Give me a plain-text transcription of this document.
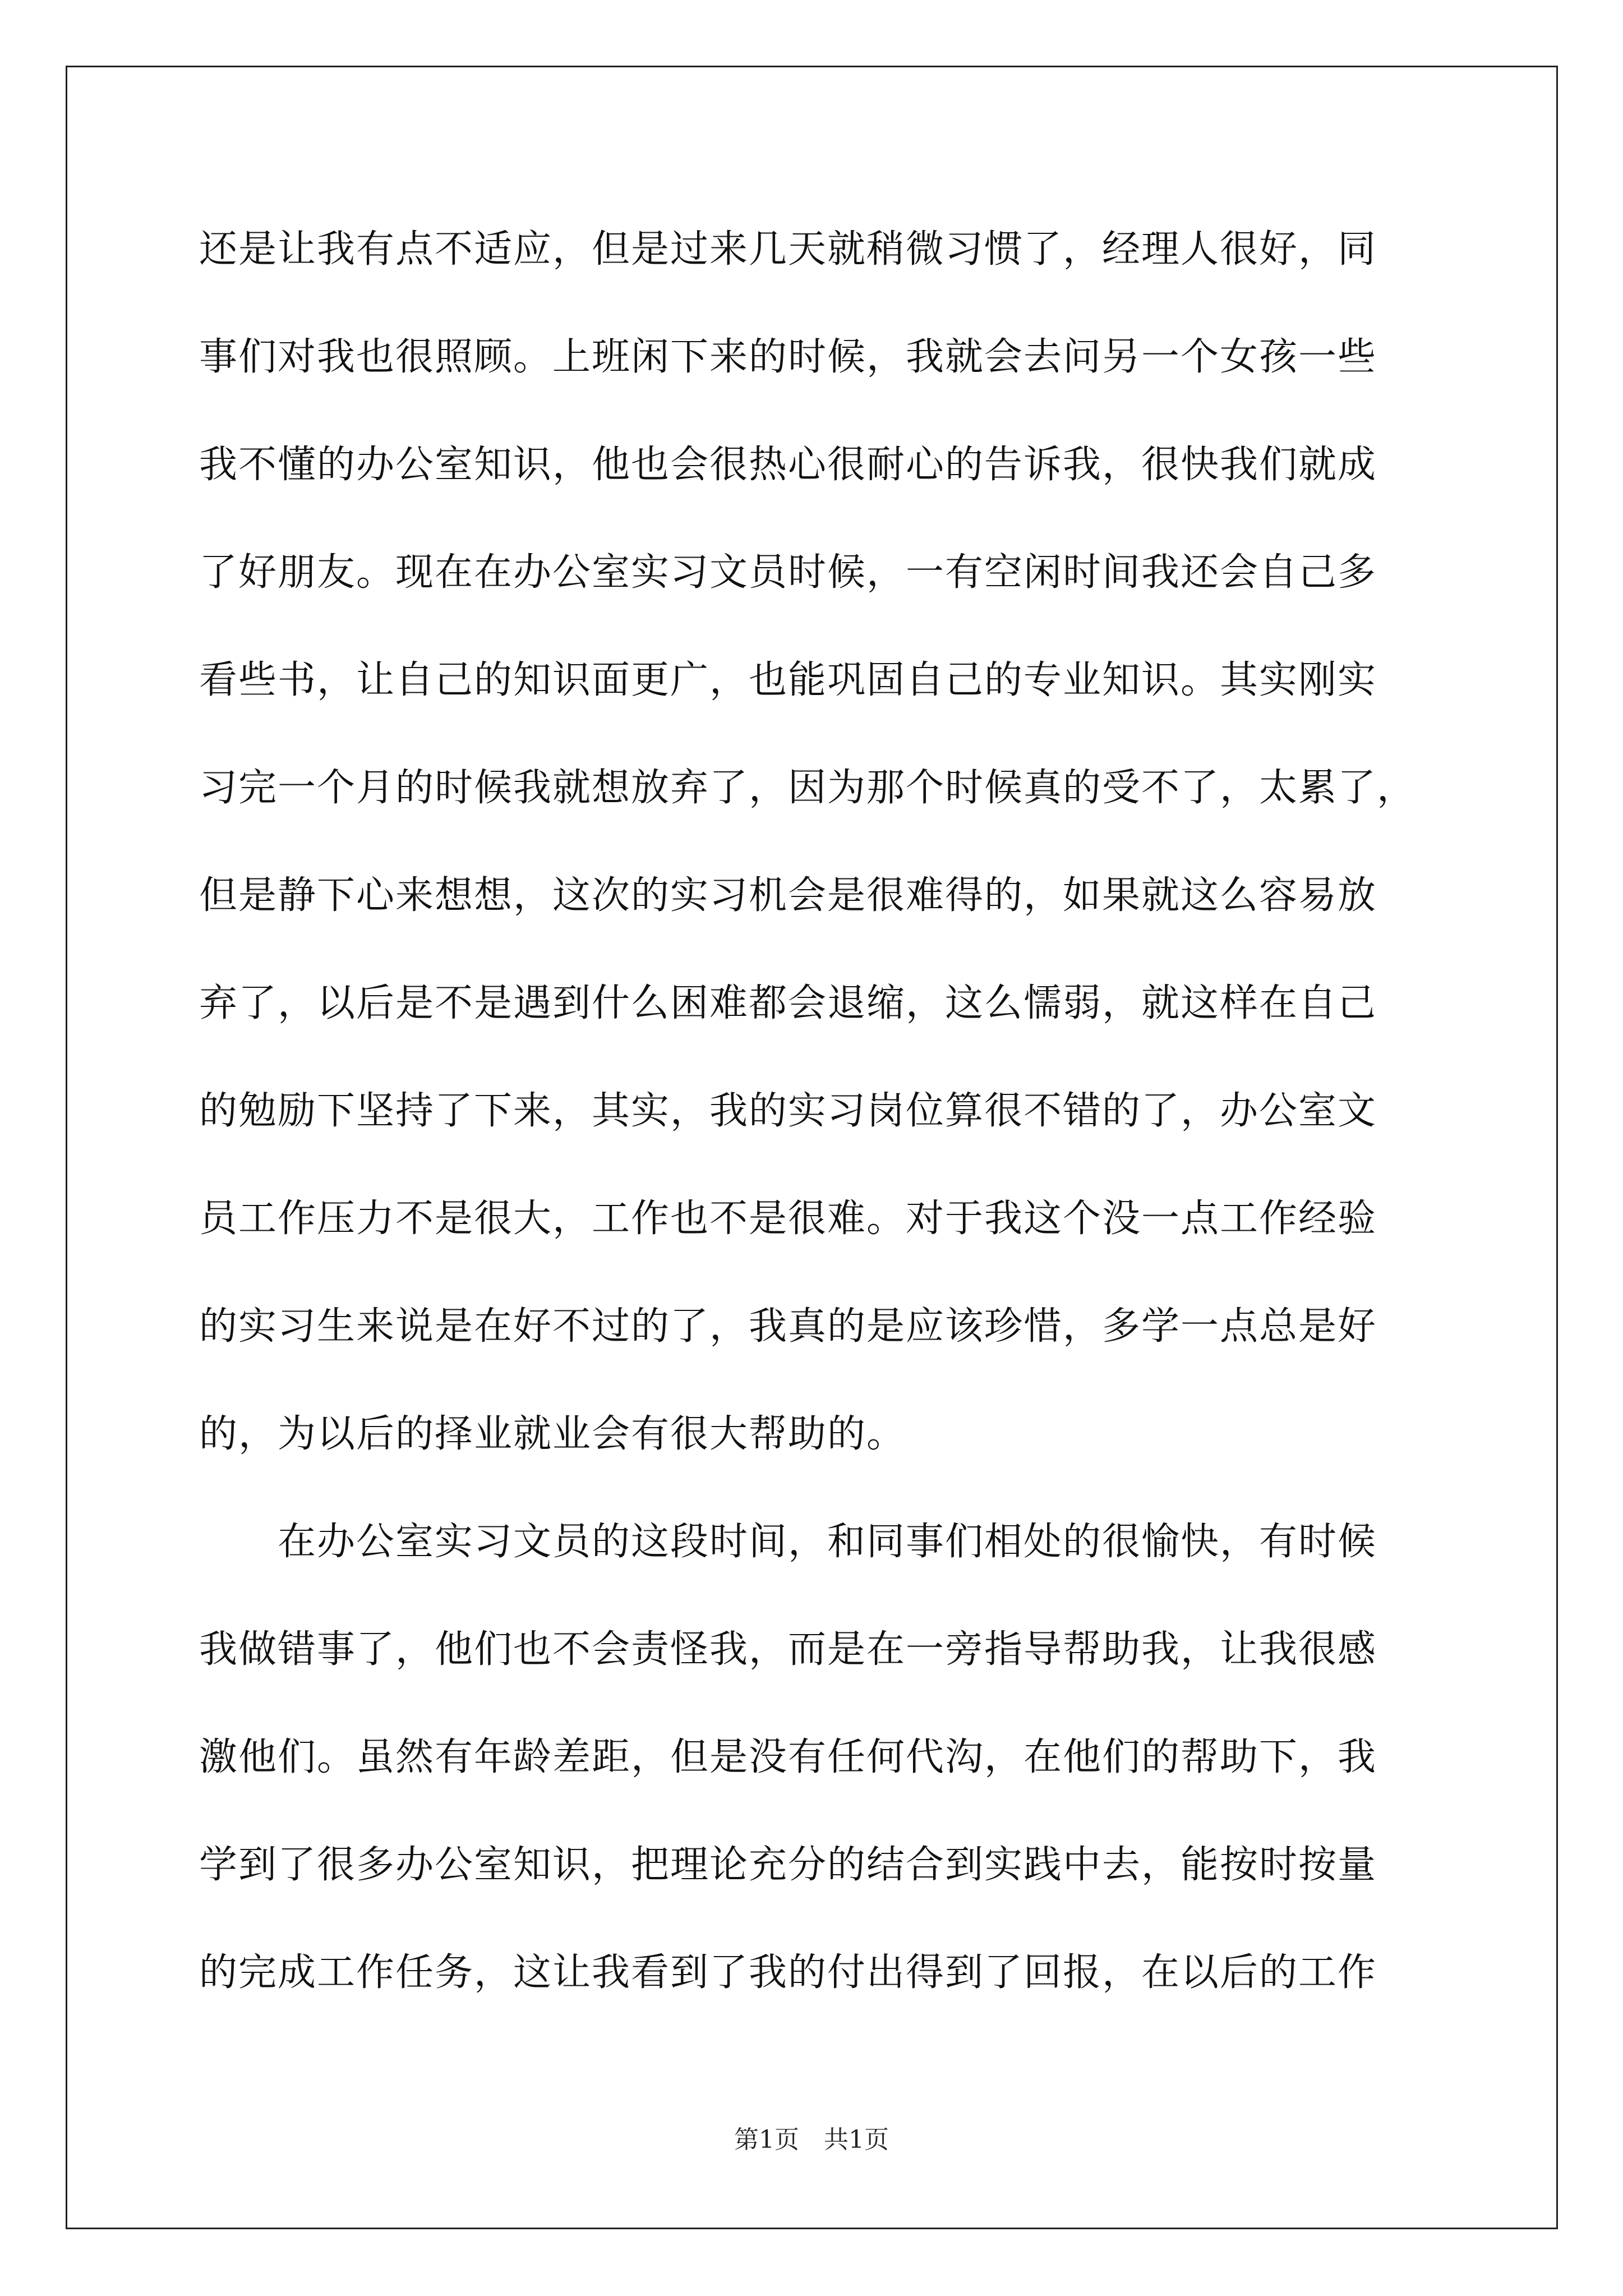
还是让我有点不适应，但是过来几天就稍微习惯了，经理人很好，同
事们对我也很照顾。上班闲下来的时候，我就会去问另一个女孩一些
我不懂的办公室知识，他也会很热心很耐心的告诉我，很快我们就成
了好朋友。现在在办公室实习文员时候，一有空闲时间我还会自己多
看些书，让自己的知识面更广，也能巩固自己的专业知识。其实刚实
习完一个月的时候我就想放弃了，因为那个时候真的受不了，太累了，
但是静下心来想想，这次的实习机会是很难得的，如果就这么容易放
弃了，以后是不是遇到什么困难都会退缩，这么懦弱，就这样在自己
的勉励下坚持了下来，其实，我的实习岗位算很不错的了，办公室文
员工作压力不是很大，工作也不是很难。对于我这个没一点工作经验
的实习生来说是在好不过的了，我真的是应该珍惜，多学一点总是好
的，为以后的择业就业会有很大帮助的。
　　在办公室实习文员的这段时间，和同事们相处的很愉快，有时候
我做错事了，他们也不会责怪我，而是在一旁指导帮助我，让我很感
激他们。虽然有年龄差距，但是没有任何代沟，在他们的帮助下，我
学到了很多办公室知识，把理论充分的结合到实践中去，能按时按量
的完成工作任务，这让我看到了我的付出得到了回报，在以后的工作
第1页　共1页
